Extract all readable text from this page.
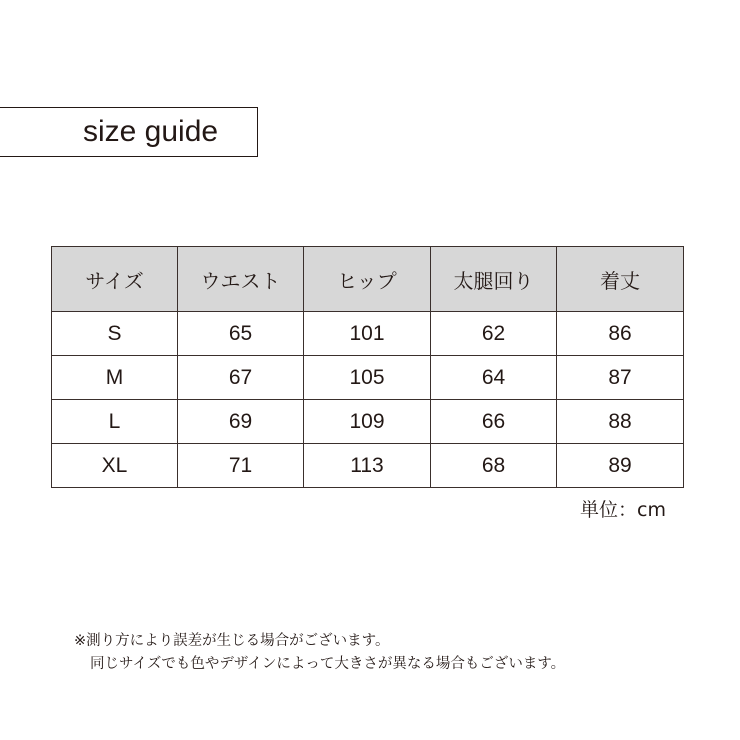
size guide
サイズ	ウエスト	ヒップ	太腿回り	着丈
S	65	101	62	86
M	67	105	64	87
L	69	109	66	88
XL	71	113	68	89
単位：cm
※測り方により誤差が生じる場合がございます。
同じサイズでも色やデザインによって大きさが異なる場合もございます。
